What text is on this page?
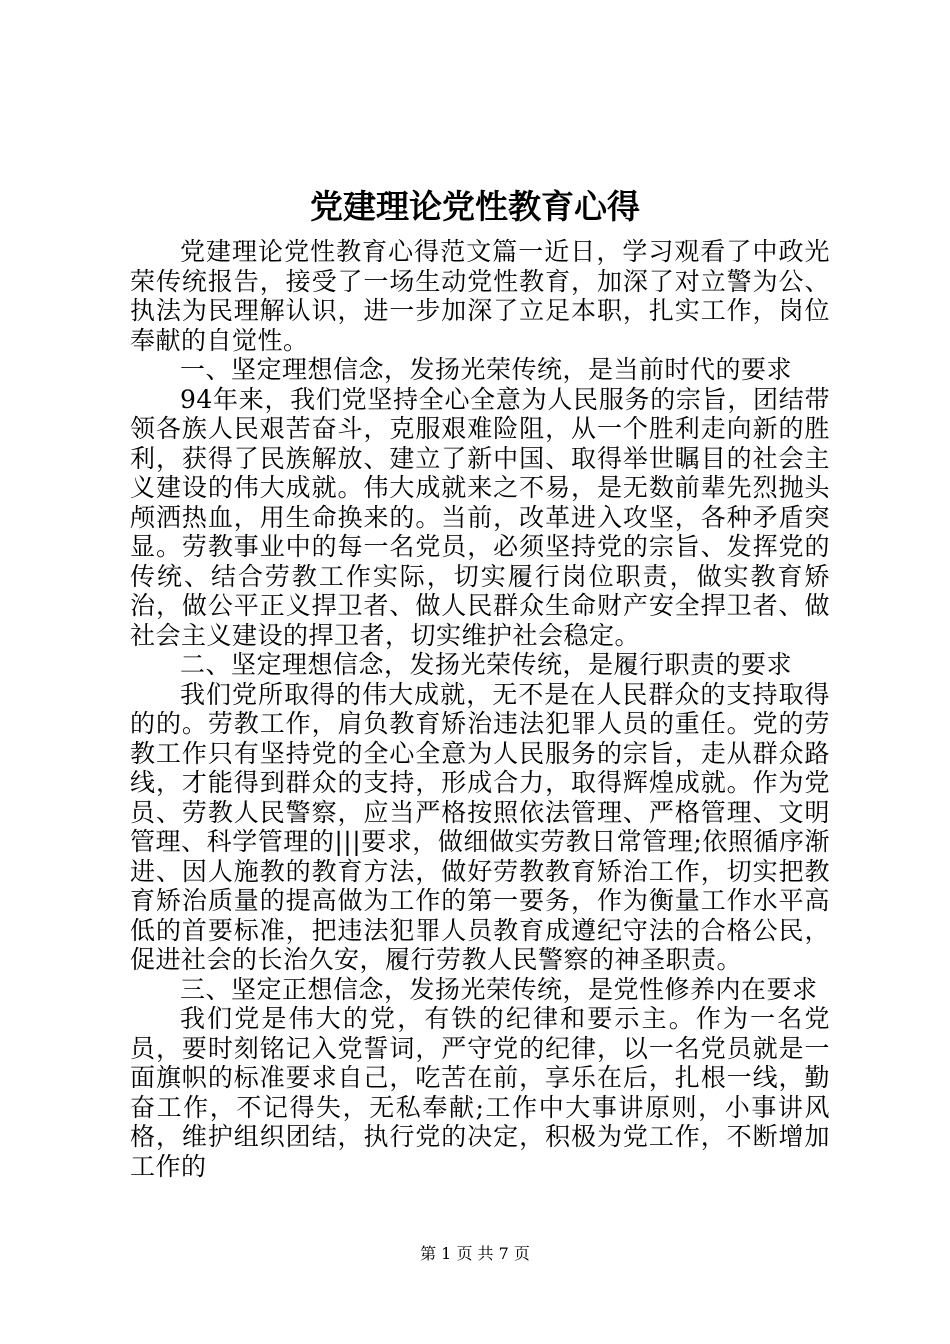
党建理论党性教育心得

党建理论党性教育心得范文篇一近日，学习观看了中政光荣传统报告，接受了一场生动党性教育，加深了对立警为公、执法为民理解认识，进一步加深了立足本职，扎实工作，岗位奉献的自觉性。

一、坚定理想信念，发扬光荣传统，是当前时代的要求

94年来，我们党坚持全心全意为人民服务的宗旨，团结带领各族人民艰苦奋斗，克服艰难险阻，从一个胜利走向新的胜利，获得了民族解放、建立了新中国、取得举世瞩目的社会主义建设的伟大成就。伟大成就来之不易，是无数前辈先烈抛头颅洒热血，用生命换来的。当前，改革进入攻坚，各种矛盾突显。劳教事业中的每一名党员，必须坚持党的宗旨、发挥党的传统、结合劳教工作实际，切实履行岗位职责，做实教育矫治，做公平正义捍卫者、做人民群众生命财产安全捍卫者、做社会主义建设的捍卫者，切实维护社会稳定。

二、坚定理想信念，发扬光荣传统，是履行职责的要求

我们党所取得的伟大成就，无不是在人民群众的支持取得的的。劳教工作，肩负教育矫治违法犯罪人员的重任。党的劳教工作只有坚持党的全心全意为人民服务的宗旨，走从群众路线，才能得到群众的支持，形成合力，取得辉煌成就。作为党员、劳教人民警察，应当严格按照依法管理、严格管理、文明管理、科学管理的|||要求，做细做实劳教日常管理;依照循序渐进、因人施教的教育方法，做好劳教教育矫治工作，切实把教育矫治质量的提高做为工作的第一要务，作为衡量工作水平高低的首要标准，把违法犯罪人员教育成遵纪守法的合格公民，促进社会的长治久安，履行劳教人民警察的神圣职责。

三、坚定正想信念，发扬光荣传统，是党性修养内在要求

我们党是伟大的党，有铁的纪律和要示主。作为一名党员，要时刻铭记入党誓词，严守党的纪律，以一名党员就是一面旗帜的标准要求自己，吃苦在前，享乐在后，扎根一线，勤奋工作，不记得失，无私奉献;工作中大事讲原则，小事讲风格，维护组织团结，执行党的决定，积极为党工作，不断增加工作的

第 1 页 共 7 页
